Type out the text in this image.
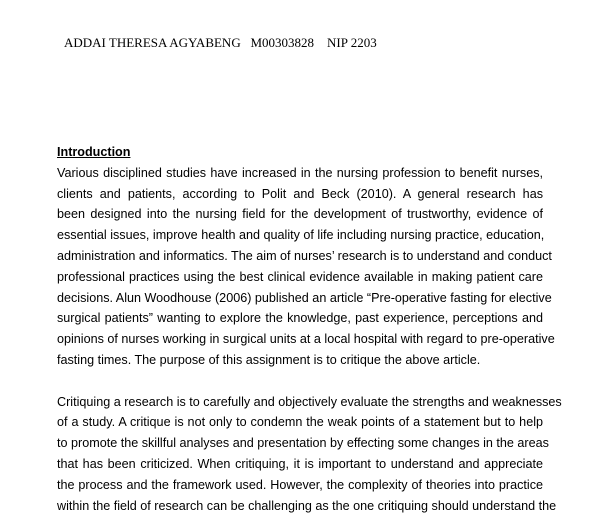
ADDAI THERESA AGYABENG   M00303828    NIP 2203
Introduction
Various disciplined studies have increased in the nursing profession to benefit nurses,
clients and patients, according to Polit and Beck (2010). A general research has
been designed into the nursing field for the development of trustworthy, evidence of
essential issues, improve health and quality of life including nursing practice, education,
administration and informatics. The aim of nurses’ research is to understand and conduct
professional practices using the best clinical evidence available in making patient care
decisions. Alun Woodhouse (2006) published an article “Pre-operative fasting for elective
surgical patients” wanting to explore the knowledge, past experience, perceptions and
opinions of nurses working in surgical units at a local hospital with regard to pre-operative
fasting times. The purpose of this assignment is to critique the above article.
Critiquing a research is to carefully and objectively evaluate the strengths and weaknesses
of a study. A critique is not only to condemn the weak points of a statement but to help
to promote the skillful analyses and presentation by effecting some changes in the areas
that has been criticized. When critiquing, it is important to understand and appreciate
the process and the framework used. However, the complexity of theories into practice
within the field of research can be challenging as the one critiquing should understand the
